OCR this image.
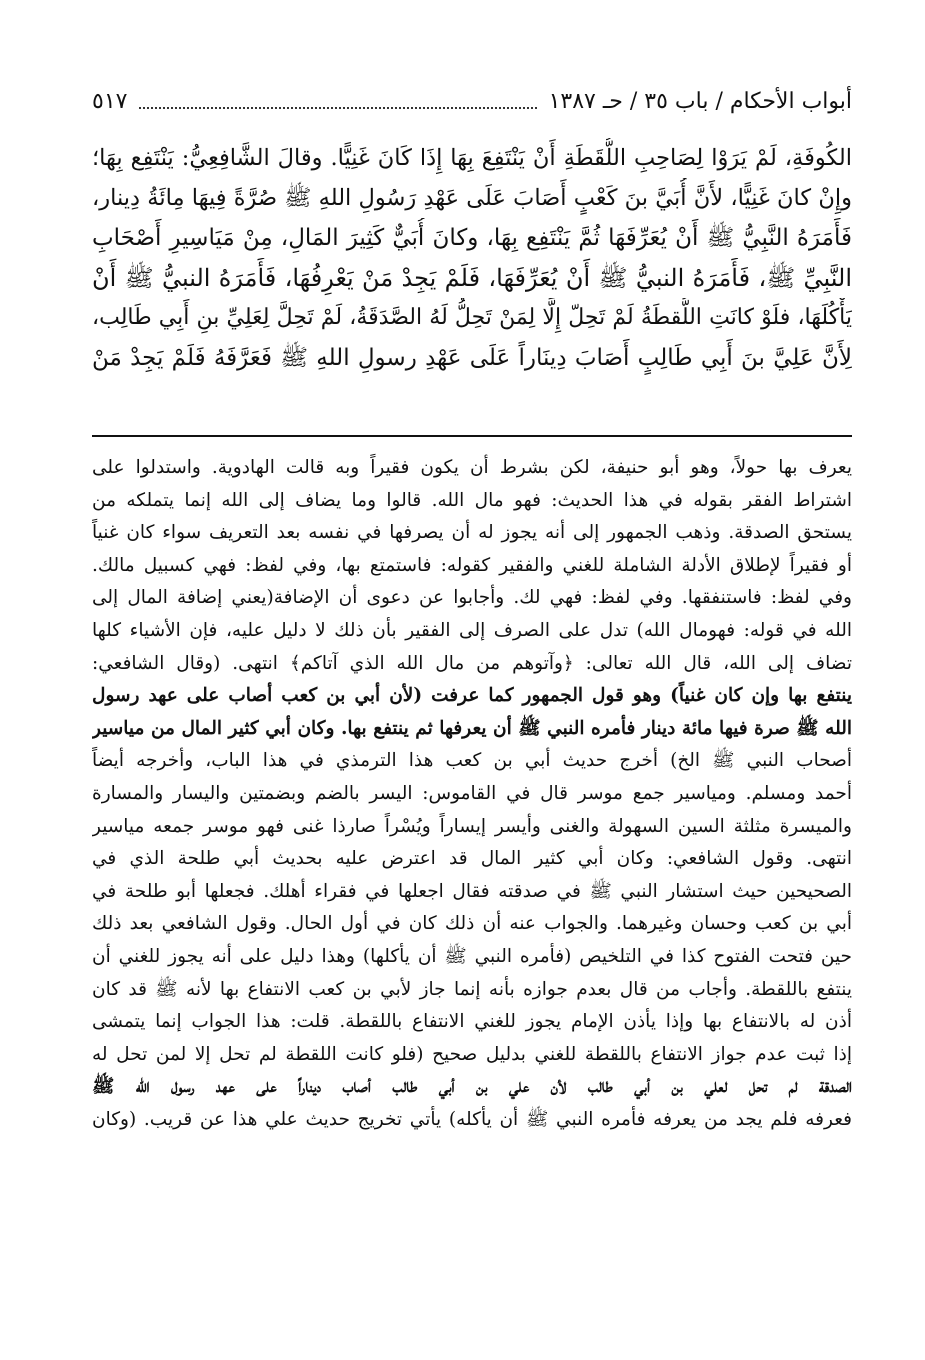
أبواب الأحكام / باب ٣٥ / حـ ١٣٨٧
٥١٧
الكُوفَةِ، لَمْ يَرَوْا لِصَاحِبِ اللُّقَطَةِ أَنْ يَنْتَفِعَ بِهَا إِذَا كَانَ غَنِيًّا. وقالَ الشَّافِعِيُّ: يَنْتَفِع بِهَا؛
وإِنْ كانَ غَنِيًّا، لأَنَّ أُبَيَّ بنَ كَعْبٍ أَصَابَ عَلَى عَهْدِ رَسُولِ اللهِ ﷺ صُرَّةً فِيهَا مِائَةُ دِينار،
فَأَمَرَهُ النَّبِيُّ ﷺ أَنْ يُعَرِّفَهَا ثُمَّ يَنْتَفِع بِهَا، وكانَ أُبَيٌّ كَثِيرَ المَالِ، مِنْ مَيَاسِيرِ أَصْحَابِ
النَّبِيِّ ﷺ، فَأَمَرَهُ النبيُّ ﷺ أَنْ يُعَرِّفَهَا، فَلَمْ يَجِدْ مَنْ يَعْرِفُهَا، فَأَمَرَهُ النبيُّ ﷺ أَنْ
يَأْكُلَهَا، فلَوْ كانَتِ اللُّقطَةُ لَمْ تَحِلّ إِلَّا لِمَنْ تَحِلُّ لَهُ الصَّدَقَةُ، لَمْ تَحِلَّ لِعَلِيِّ بنِ أَبِي طَالِب،
لِأَنَّ عَلِيَّ بنَ أَبِي طَالِبٍ أَصَابَ دِينَاراً عَلَى عَهْدِ رسولِ اللهِ ﷺ فَعَرَّفَهُ فَلَمْ يَجِدْ مَنْ
يعرف بها حولاً، وهو أبو حنيفة، لكن بشرط أن يكون فقيراً وبه قالت الهادوية. واستدلوا على
اشتراط الفقر بقوله في هذا الحديث: فهو مال الله. قالوا وما يضاف إلى الله إنما يتملكه من
يستحق الصدقة. وذهب الجمهور إلى أنه يجوز له أن يصرفها في نفسه بعد التعريف سواء كان غنياً
أو فقيراً لإطلاق الأدلة الشاملة للغني والفقير كقوله: فاستمتع بها، وفي لفظ: فهي كسبيل مالك.
وفي لفظ: فاستنفقها. وفي لفظ: فهي لك. وأجابوا عن دعوى أن الإضافة(يعني إضافة المال إلى
الله في قوله: فهومال الله) تدل على الصرف إلى الفقير بأن ذلك لا دليل عليه، فإن الأشياء كلها
تضاف إلى الله، قال الله تعالى: ﴿وآتوهم من مال الله الذي آتاكم﴾ انتهى. (وقال الشافعي:
ينتفع بها وإن كان غنياً) وهو قول الجمهور كما عرفت (لأن أبي بن كعب أصاب على عهد رسول
الله ﷺ صرة فيها مائة دينار فأمره النبي ﷺ أن يعرفها ثم ينتفع بها. وكان أبي كثير المال من مياسير
أصحاب النبي ﷺ الخ) أخرج حديث أبي بن كعب هذا الترمذي في هذا الباب، وأخرجه أيضاً
أحمد ومسلم. ومياسير جمع موسر قال في القاموس: اليسر بالضم وبضمتين واليسار والمسارة
والميسرة مثلثة السين السهولة والغنى وأيسر إيساراً ويُسْراً صارذا غنى فهو موسر جمعه مياسير
انتهى. وقول الشافعي: وكان أبي كثير المال قد اعترض عليه بحديث أبي طلحة الذي في
الصحيحين حيث استشار النبي ﷺ في صدقته فقال اجعلها في فقراء أهلك. فجعلها أبو طلحة في
أبي بن كعب وحسان وغيرهما. والجواب عنه أن ذلك كان في أول الحال. وقول الشافعي بعد ذلك
حين فتحت الفتوح كذا في التلخيص (فأمره النبي ﷺ أن يأكلها) وهذا دليل على أنه يجوز للغني أن
ينتفع باللقطة. وأجاب من قال بعدم جوازه بأنه إنما جاز لأبي بن كعب الانتفاع بها لأنه ﷺ قد كان
أذن له بالانتفاع بها وإذا يأذن الإمام يجوز للغني الانتفاع باللقطة. قلت: هذا الجواب إنما يتمشى
إذا ثبت عدم جواز الانتفاع باللقطة للغني بدليل صحيح (فلو كانت اللقطة لم تحل إلا لمن تحل له
الصدقة لم تحل لعلي بن أبي طالب لأن علي بن أبي طالب أصاب ديناراً على عهد رسول الله ﷺ
فعرفه فلم يجد من يعرفه فأمره النبي ﷺ أن يأكله) يأتي تخريج حديث علي هذا عن قريب. (وكان
